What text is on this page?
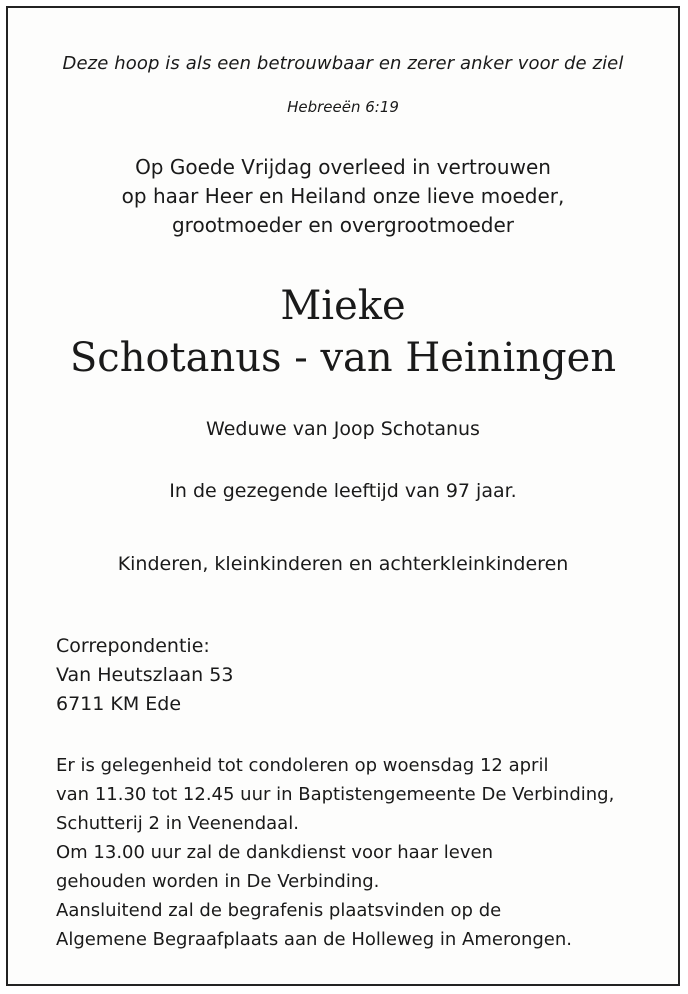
Deze hoop is als een betrouwbaar en zerer anker voor de ziel
Hebreeën 6:19
Op Goede Vrijdag overleed in vertrouwen
op haar Heer en Heiland onze lieve moeder,
grootmoeder en overgrootmoeder
Mieke
Schotanus - van Heiningen
Weduwe van Joop Schotanus
In de gezegende leeftijd van 97 jaar.
Kinderen, kleinkinderen en achterkleinkinderen
Correpondentie:
Van Heutszlaan 53
6711 KM Ede
Er is gelegenheid tot condoleren op woensdag 12 april
van 11.30 tot 12.45 uur in Baptistengemeente De Verbinding,
Schutterij 2 in Veenendaal.
Om 13.00 uur zal de dankdienst voor haar leven
gehouden worden in De Verbinding.
Aansluitend zal de begrafenis plaatsvinden op de
Algemene Begraafplaats aan de Holleweg in Amerongen.
